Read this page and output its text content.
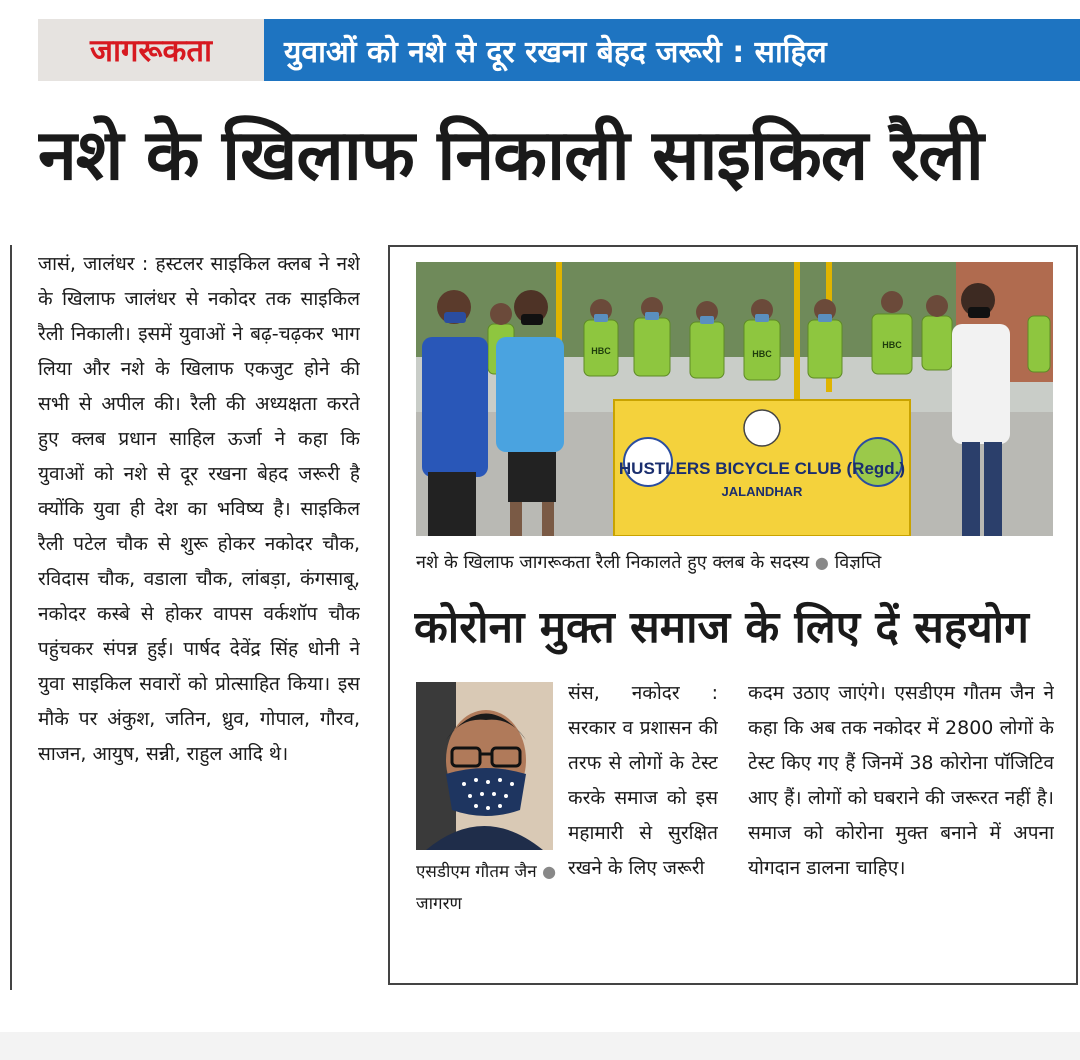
जागरूकता	युवाओं को नशे से दूर रखना बेहद जरूरी : साहिल
नशे के खिलाफ निकाली साइकिल रैली
जासं, जालंधर : हस्टलर साइकिल क्लब ने नशे के खिलाफ जालंधर से नकोदर तक साइकिल रैली निकाली। इसमें युवाओं ने बढ़-चढ़कर भाग लिया और नशे के खिलाफ एकजुट होने की सभी से अपील की। रैली की अध्यक्षता करते हुए क्लब प्रधान साहिल ऊर्जा ने कहा कि युवाओं को नशे से दूर रखना बेहद जरूरी है क्योंकि युवा ही देश का भविष्य है। साइकिल रैली पटेल चौक से शुरू होकर नकोदर चौक, रविदास चौक, वडाला चौक, लांबड़ा, कंगसाबू, नकोदर कस्बे से होकर वापस वर्कशॉप चौक पहुंचकर संपन्न हुई। पार्षद देवेंद्र सिंह धोनी ने युवा साइकिल सवारों को प्रोत्साहित किया। इस मौके पर अंकुश, जतिन, ध्रुव, गोपाल, गौरव, साजन, आयुष, सन्नी, राहुल आदि थे।
HUSTLERS BICYCLE CLUB (Regd.)
JALANDHAR
HBC	HBC
HBC
नशे के खिलाफ जागरूकता रैली निकालते हुए क्लब के सदस्य ● विज्ञप्ति
कोरोना मुक्त समाज के लिए दें सहयोग
एसडीएम गौतम जैन ● जागरण
संस, नकोदर : सरकार व प्रशासन की तरफ से लोगों के टेस्ट करके समाज को इस महामारी से सुरक्षित रखने के लिए जरूरी
कदम उठाए जाएंगे। एसडीएम गौतम जैन ने कहा कि अब तक नकोदर में 2800 लोगों के टेस्ट किए गए हैं जिनमें 38 कोरोना पॉजिटिव आए हैं। लोगों को घबराने की जरूरत नहीं है। समाज को कोरोना मुक्त बनाने में अपना योगदान डालना चाहिए।
